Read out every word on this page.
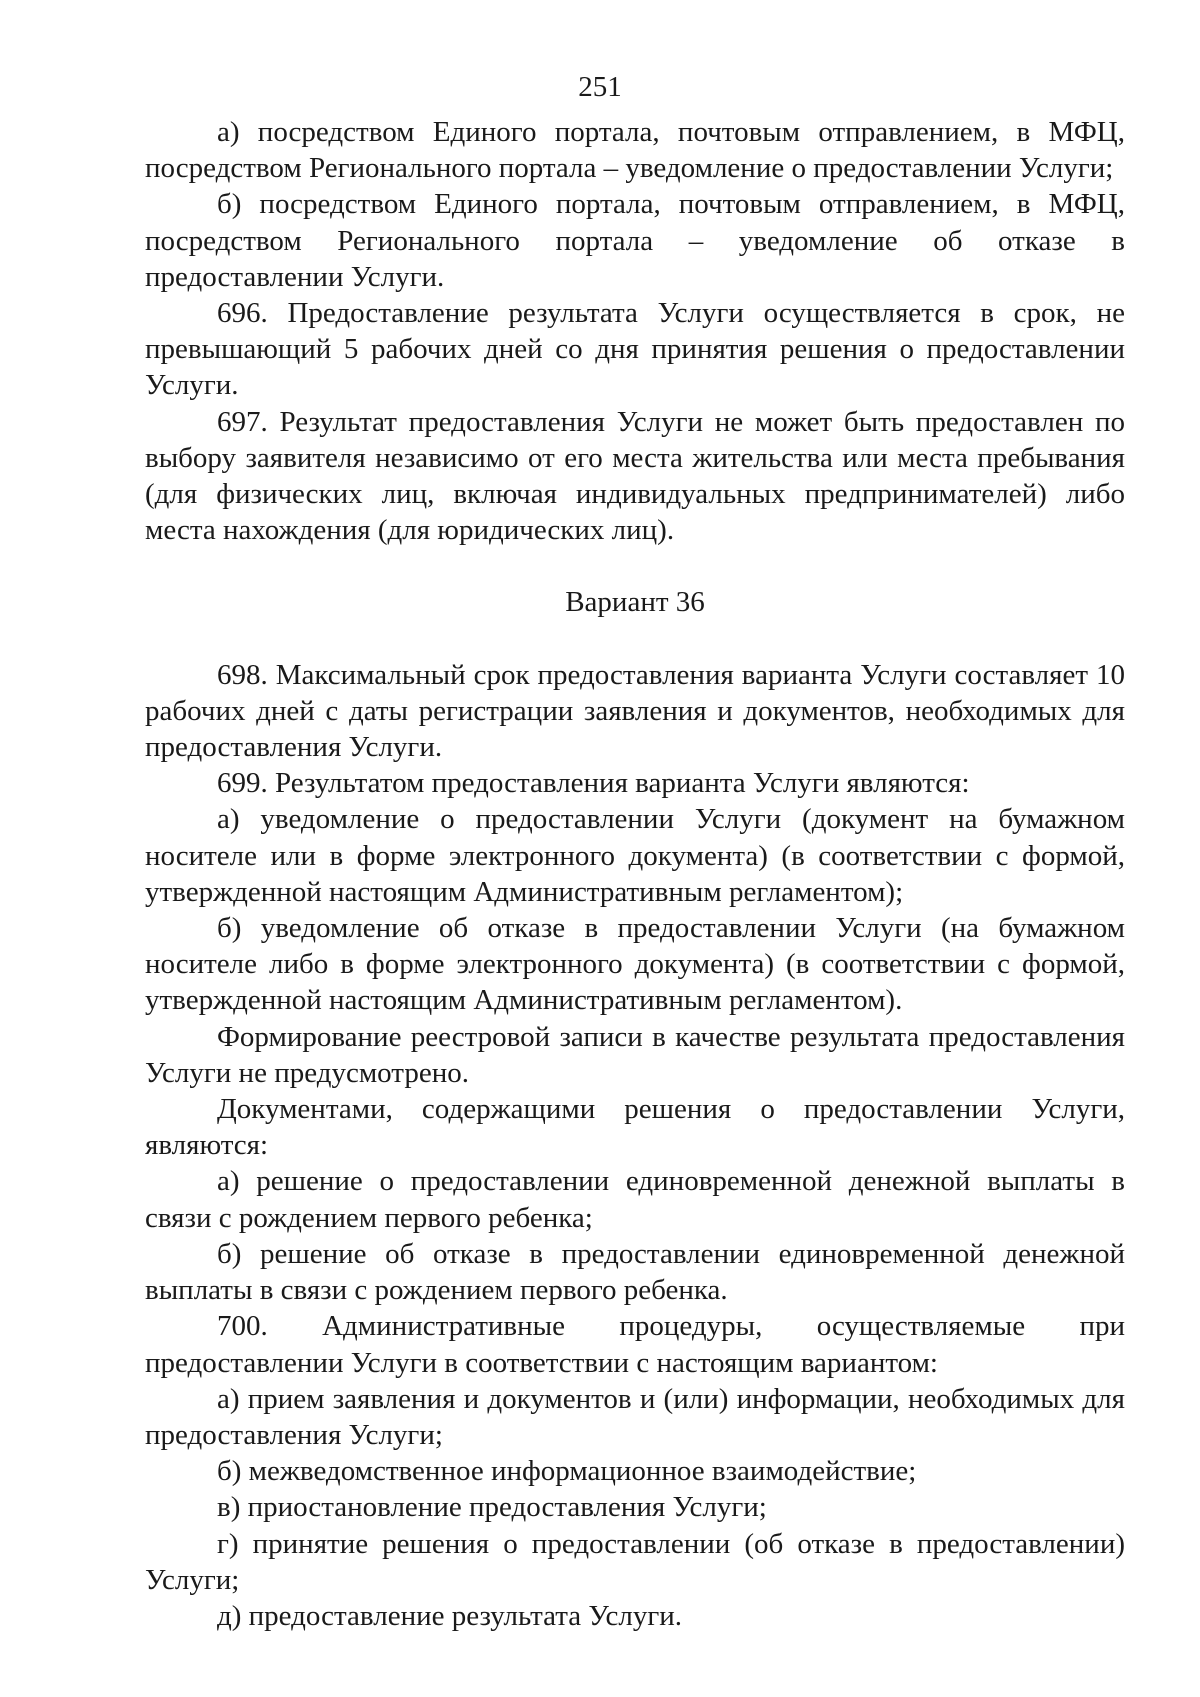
251

а) посредством Единого портала, почтовым отправлением, в МФЦ, посредством Регионального портала – уведомление о предоставлении Услуги;

б) посредством Единого портала, почтовым отправлением, в МФЦ, посредством Регионального портала – уведомление об отказе в предоставлении Услуги.

696. Предоставление результата Услуги осуществляется в срок, не превышающий 5 рабочих дней со дня принятия решения о предоставлении Услуги.

697. Результат предоставления Услуги не может быть предоставлен по выбору заявителя независимо от его места жительства или места пребывания (для физических лиц, включая индивидуальных предпринимателей) либо места нахождения (для юридических лиц).

Вариант 36

698. Максимальный срок предоставления варианта Услуги составляет 10 рабочих дней с даты регистрации заявления и документов, необходимых для предоставления Услуги.

699. Результатом предоставления варианта Услуги являются:

а) уведомление о предоставлении Услуги (документ на бумажном носителе или в форме электронного документа) (в соответствии с формой, утвержденной настоящим Административным регламентом);

б) уведомление об отказе в предоставлении Услуги (на бумажном носителе либо в форме электронного документа) (в соответствии с формой, утвержденной настоящим Административным регламентом).

Формирование реестровой записи в качестве результата предоставления Услуги не предусмотрено.

Документами, содержащими решения о предоставлении Услуги, являются:

а) решение о предоставлении единовременной денежной выплаты в связи с рождением первого ребенка;

б) решение об отказе в предоставлении единовременной денежной выплаты в связи с рождением первого ребенка.

700. Административные процедуры, осуществляемые при предоставлении Услуги в соответствии с настоящим вариантом:

а) прием заявления и документов и (или) информации, необходимых для предоставления Услуги;

б) межведомственное информационное взаимодействие;

в) приостановление предоставления Услуги;

г) принятие решения о предоставлении (об отказе в предоставлении) Услуги;

д) предоставление результата Услуги.
